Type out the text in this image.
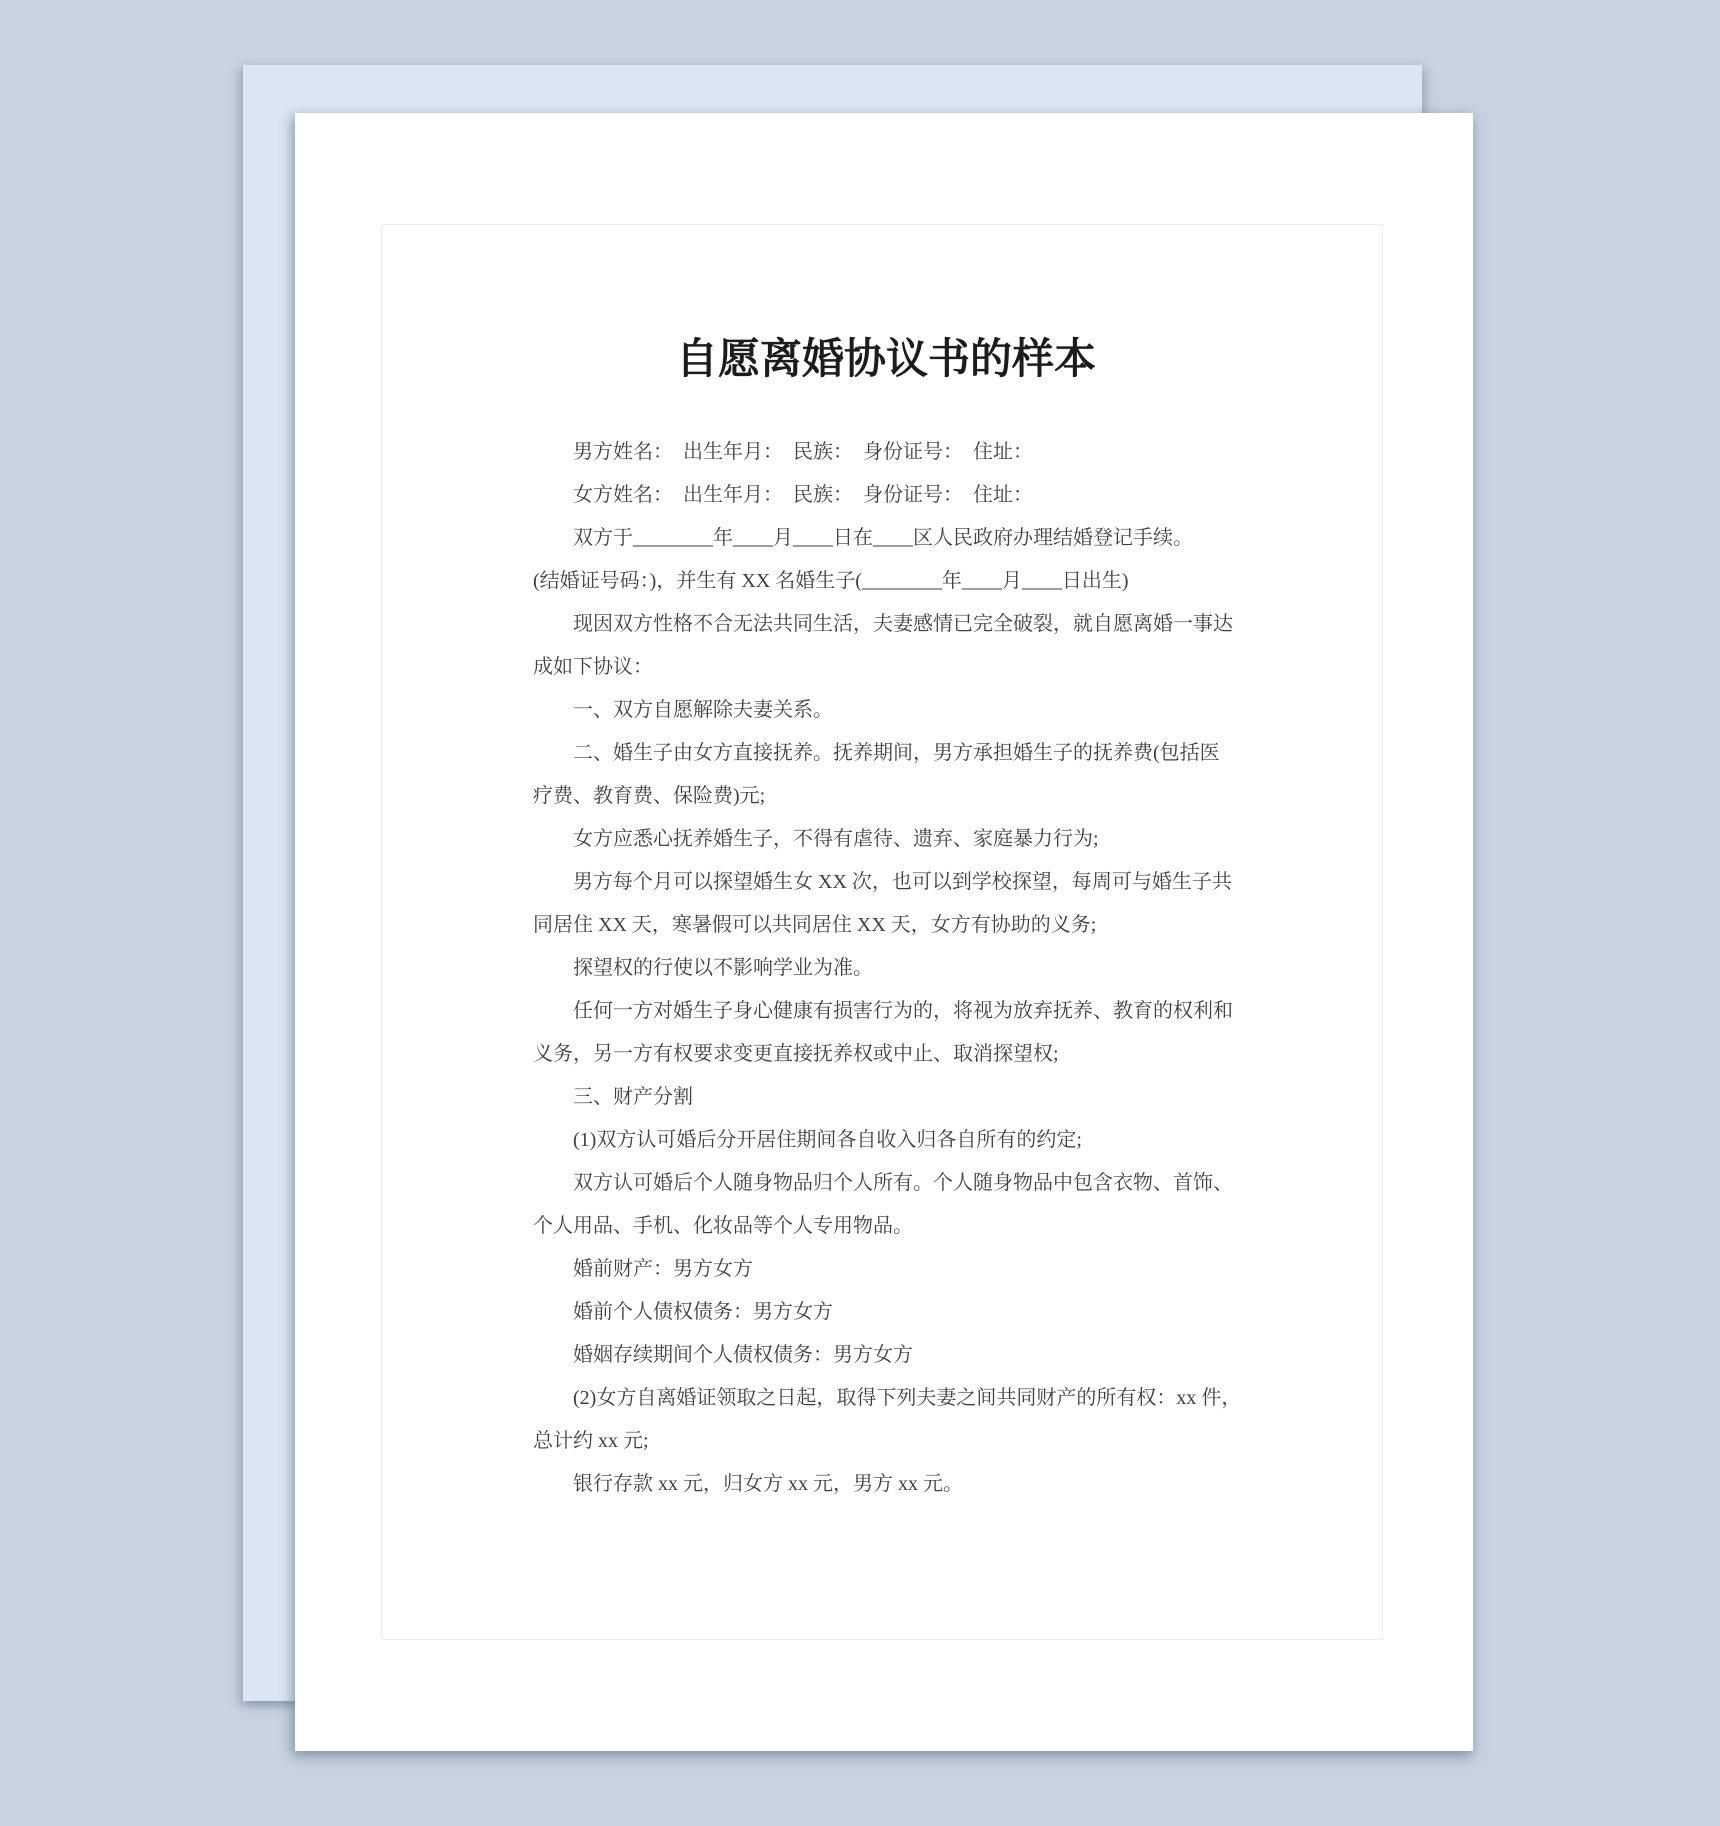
自愿离婚协议书的样本
男方姓名：　出生年月：　民族：　身份证号：　住址：
女方姓名：　出生年月：　民族：　身份证号：　住址：
双方于________年____月____日在____区人民政府办理结婚登记手续。
(结婚证号码：)，并生有 XX 名婚生子(________年____月____日出生)
现因双方性格不合无法共同生活，夫妻感情已完全破裂，就自愿离婚一事达
成如下协议：
一、双方自愿解除夫妻关系。
二、婚生子由女方直接抚养。抚养期间，男方承担婚生子的抚养费(包括医
疗费、教育费、保险费)元;
女方应悉心抚养婚生子，不得有虐待、遗弃、家庭暴力行为;
男方每个月可以探望婚生女 XX 次，也可以到学校探望，每周可与婚生子共
同居住 XX 天，寒暑假可以共同居住 XX 天，女方有协助的义务;
探望权的行使以不影响学业为准。
任何一方对婚生子身心健康有损害行为的，将视为放弃抚养、教育的权利和
义务，另一方有权要求变更直接抚养权或中止、取消探望权;
三、财产分割
(1)双方认可婚后分开居住期间各自收入归各自所有的约定;
双方认可婚后个人随身物品归个人所有。个人随身物品中包含衣物、首饰、
个人用品、手机、化妆品等个人专用物品。
婚前财产：男方女方
婚前个人债权债务：男方女方
婚姻存续期间个人债权债务：男方女方
(2)女方自离婚证领取之日起，取得下列夫妻之间共同财产的所有权：xx 件，
总计约 xx 元;
银行存款 xx 元，归女方 xx 元，男方 xx 元。
